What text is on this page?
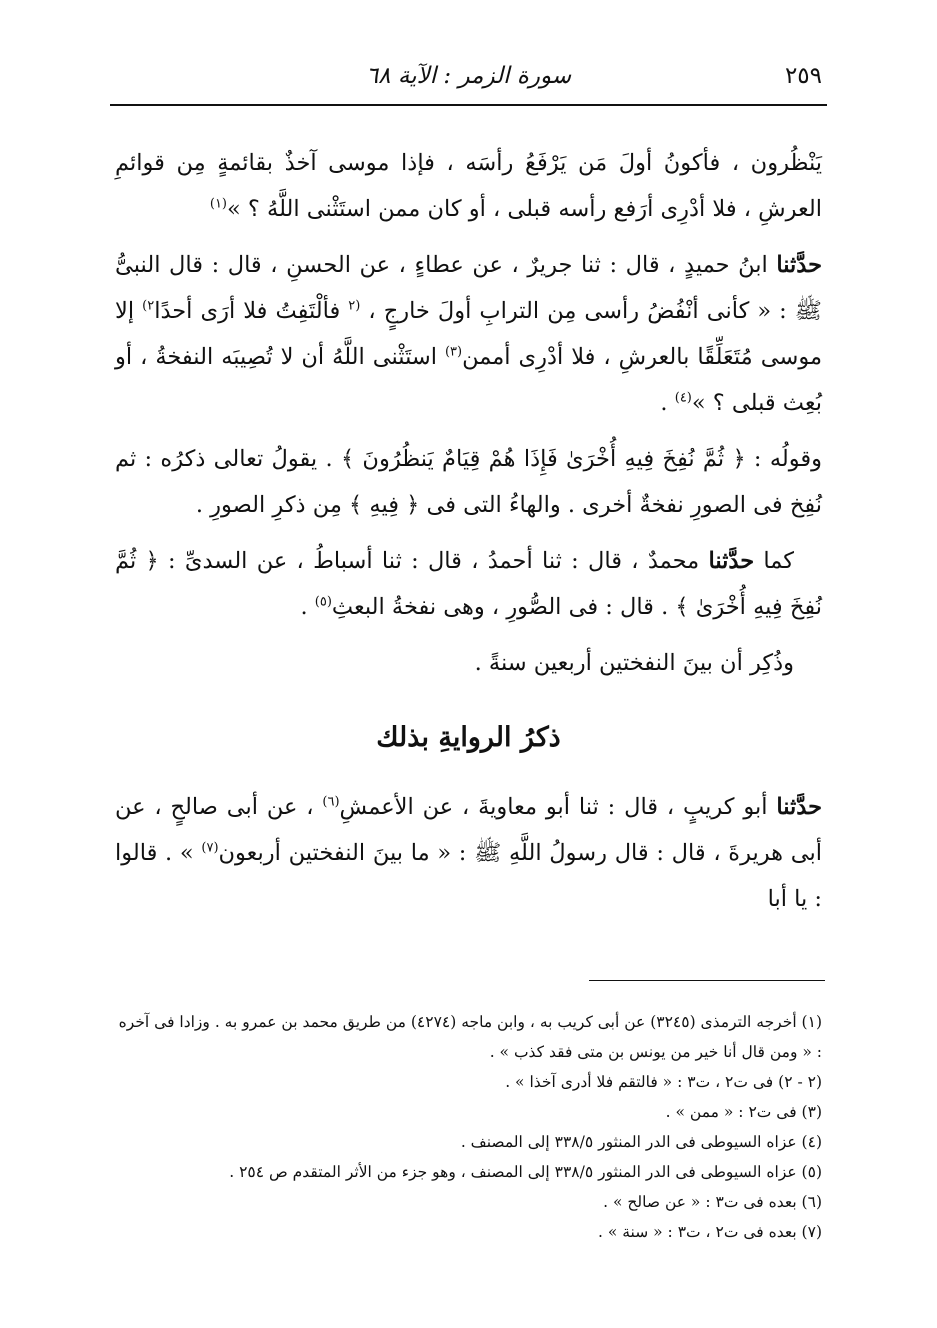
٢٥٩
سورة الزمر : الآية ٦٨

يَنْظُرون ، فأكونُ أولَ مَن يَرْفَعُ رأسَه ، فإذا موسى آخذٌ بقائمةٍ مِن قوائمِ العرشِ ، فلا أدْرِى أرَفع رأسه قبلى ، أو كان ممن استَثْنى اللَّهُ ؟ »$^{(١)}$

حدَّثنا ابنُ حميدٍ ، قال : ثنا جريرٌ ، عن عطاءٍ ، عن الحسنِ ، قال : قال النبىُّ ﷺ : « كأنى أنْفُضُ رأسى مِن الترابِ أولَ خارجٍ ، $^{(٢}$ فألْتَفِتُ فلا أرَى أحدًا$^{٢)}$ إلا موسى مُتَعَلِّقًا بالعرشِ ، فلا أدْرِى أممن$^{(٣)}$ استَثْنى اللَّهُ أن لا تُصِيبَه النفخةُ ، أو بُعِث قبلى ؟ »$^{(٤)}$ .

وقولُه : ﴿ ثُمَّ نُفِخَ فِيهِ أُخْرَىٰ فَإِذَا هُمْ قِيَامٌ يَنظُرُونَ ﴾ . يقولُ تعالى ذكرُه : ثم نُفِخ فى الصورِ نفخةٌ أخرى . والهاءُ التى فى ﴿ فِيهِ ﴾ مِن ذكرِ الصورِ .

كما حدَّثنا محمدٌ ، قال : ثنا أحمدُ ، قال : ثنا أسباطُ ، عن السدىِّ : ﴿ ثُمَّ نُفِخَ فِيهِ أُخْرَىٰ ﴾ . قال : فى الصُّورِ ، وهى نفخةُ البعثِ$^{(٥)}$ .

وذُكِر أن بينَ النفختين أربعين سنةً .

ذكرُ الروايةِ بذلك

حدَّثنا أبو كريبٍ ، قال : ثنا أبو معاويةَ ، عن الأعمشِ$^{(٦)}$ ، عن أبى صالحٍ ، عن أبى هريرةَ ، قال : قال رسولُ اللَّهِ ﷺ : « ما بينَ النفختين أربعون$^{(٧)}$ » . قالوا : يا أبا

(١) أخرجه الترمذى (٣٢٤٥) عن أبى كريب به ، وابن ماجه (٤٢٧٤) من طريق محمد بن عمرو به . وزادا فى آخره : « ومن قال أنا خير من يونس بن متى فقد كذب » .

(٢ - ٢) فى ت٢ ، ت٣ : « فالتقم فلا أدرى آخذا » .

(٣) فى ت٢ : « ممن » .

(٤) عزاه السيوطى فى الدر المنثور ٣٣٨/٥ إلى المصنف .

(٥) عزاه السيوطى فى الدر المنثور ٣٣٨/٥ إلى المصنف ، وهو جزء من الأثر المتقدم ص ٢٥٤ .

(٦) بعده فى ت٣ : « عن صالح » .

(٧) بعده فى ت٢ ، ت٣ : « سنة » .
